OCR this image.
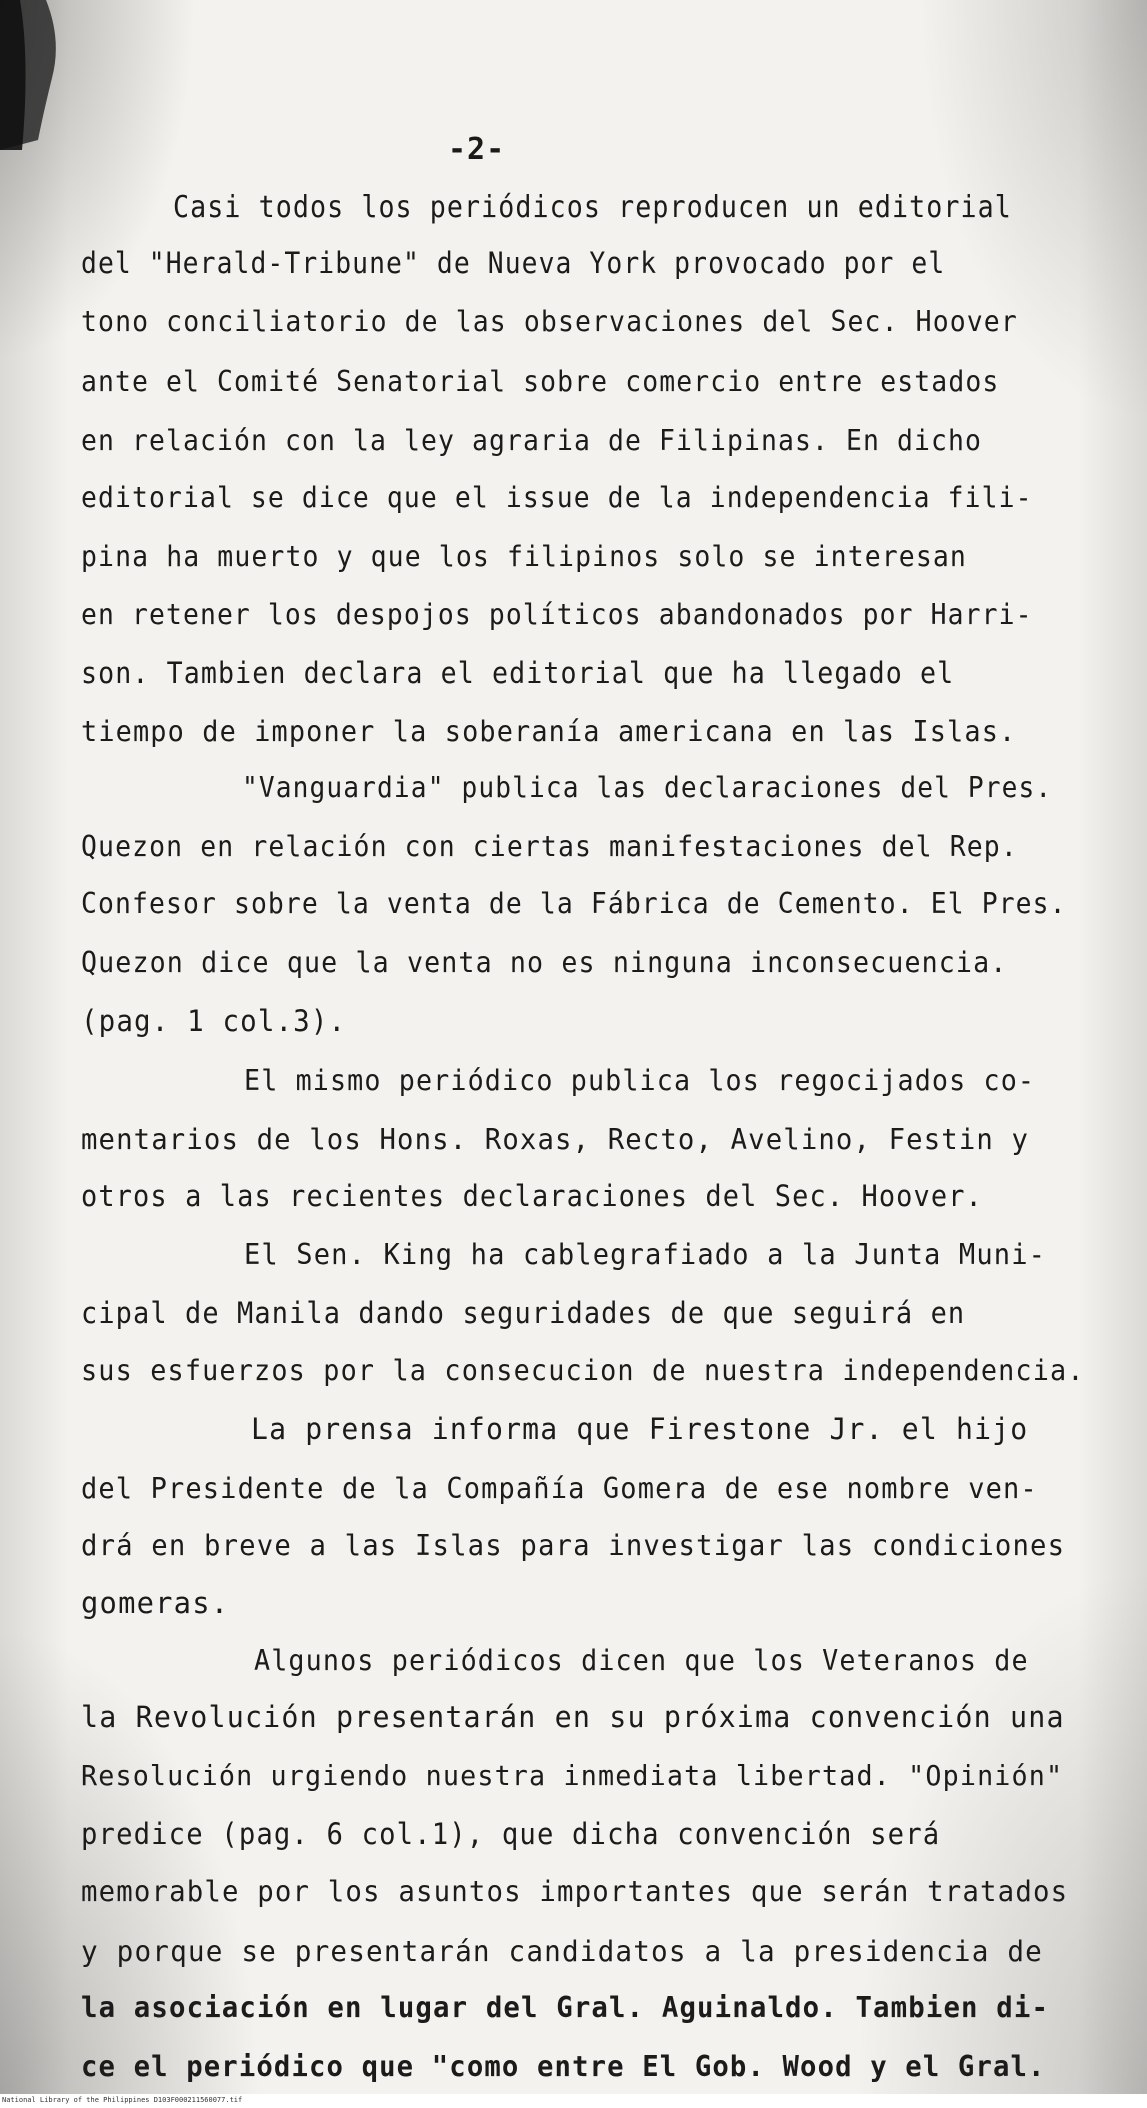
-2-
Casi todos los periódicos reproducen un editorial
del "Herald-Tribune" de Nueva York provocado por el
tono conciliatorio de las observaciones del Sec. Hoover
ante el Comité Senatorial sobre comercio entre estados
en relación con la ley agraria de Filipinas. En dicho
editorial se dice que el issue de la independencia fili-
pina ha muerto y que los filipinos solo se interesan
en retener los despojos políticos abandonados por Harri-
son. Tambien declara el editorial que ha llegado el
tiempo de imponer la soberanía americana en las Islas.
"Vanguardia" publica las declaraciones del Pres.
Quezon en relación con ciertas manifestaciones del Rep.
Confesor sobre la venta de la Fábrica de Cemento. El Pres.
Quezon dice que la venta no es ninguna inconsecuencia.
(pag. 1 col.3).
El mismo periódico publica los regocijados co-
mentarios de los Hons. Roxas, Recto, Avelino, Festin y
otros a las recientes declaraciones del Sec. Hoover.
El Sen. King ha cablegrafiado a la Junta Muni-
cipal de Manila dando seguridades de que seguirá en
sus esfuerzos por la consecucion de nuestra independencia.
La prensa informa que Firestone Jr. el hijo
del Presidente de la Compañía Gomera de ese nombre ven-
drá en breve a las Islas para investigar las condiciones
gomeras.
Algunos periódicos dicen que los Veteranos de
la Revolución presentarán en su próxima convención una
Resolución urgiendo nuestra inmediata libertad. "Opinión"
predice (pag. 6 col.1), que dicha convención será
memorable por los asuntos importantes que serán tratados
y porque se presentarán candidatos a la presidencia de
la asociación en lugar del Gral. Aguinaldo. Tambien di-
ce el periódico que "como entre El Gob. Wood y el Gral.
National Library of the Philippines D103F000211560077.tif
